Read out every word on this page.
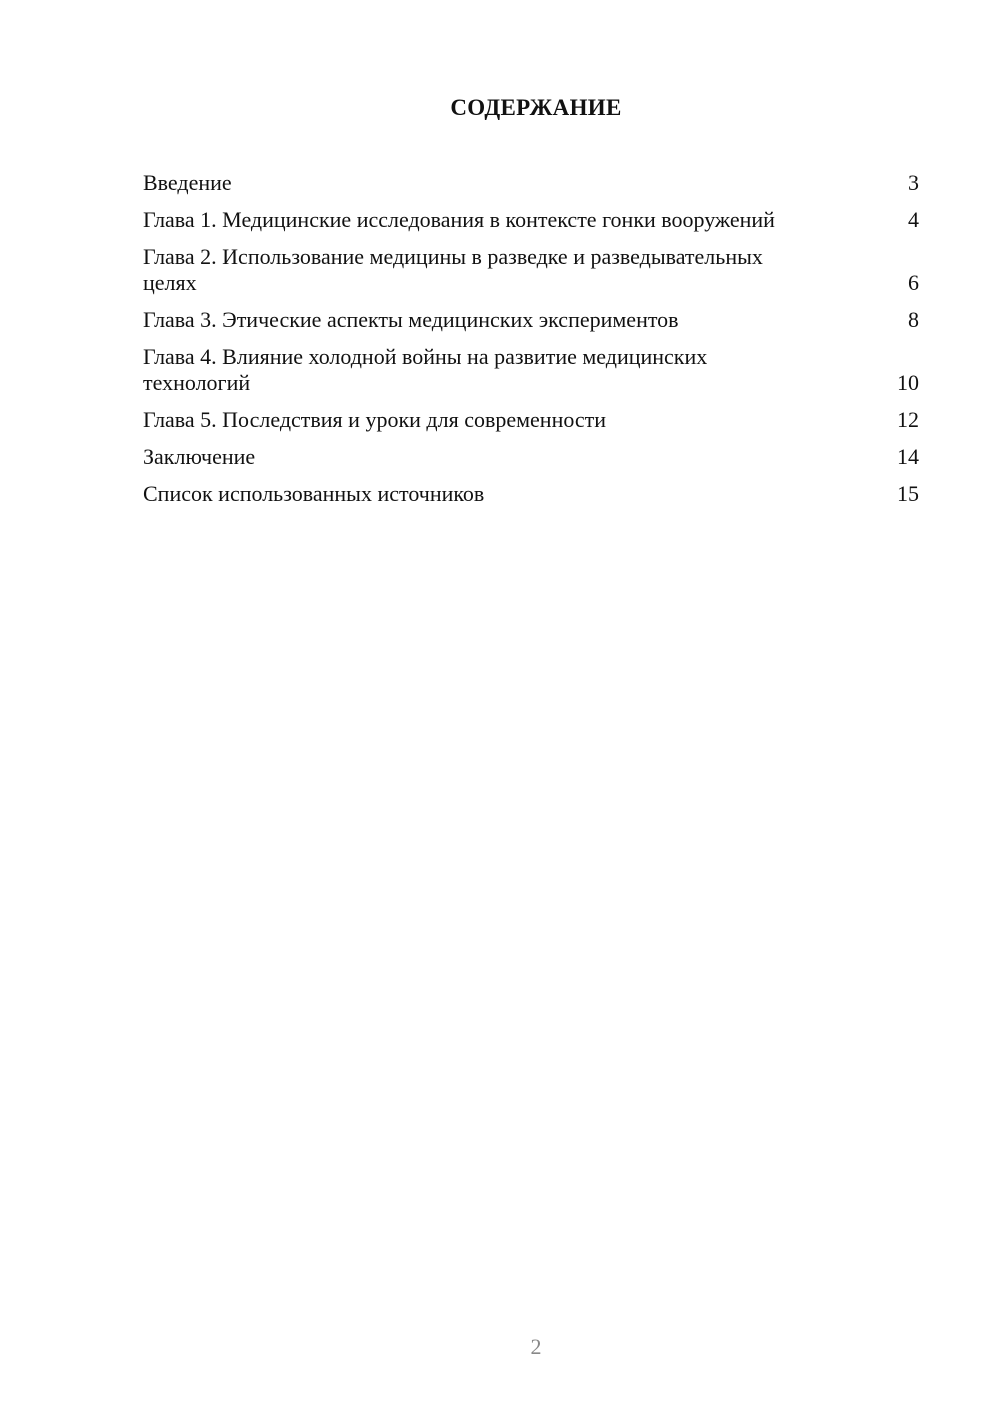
СОДЕРЖАНИЕ
Введение	3
Глава 1. Медицинские исследования в контексте гонки вооружений	4
Глава 2. Использование медицины в разведке и разведывательных целях	6
Глава 3. Этические аспекты медицинских экспериментов	8
Глава 4. Влияние холодной войны на развитие медицинских технологий	10
Глава 5. Последствия и уроки для современности	12
Заключение	14
Список использованных источников	15
2
